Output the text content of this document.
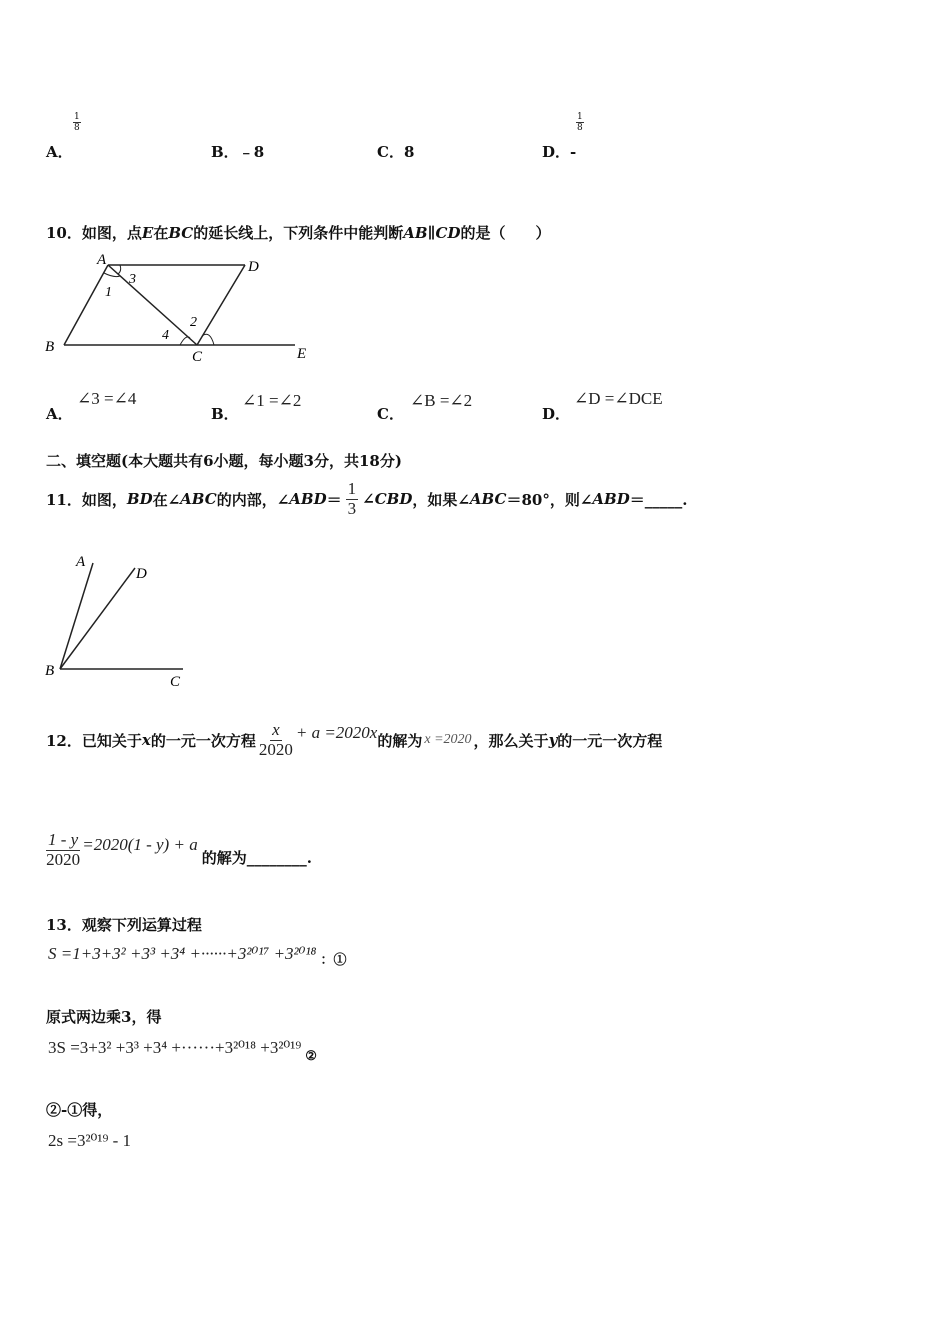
A．
1
8
B．﹣8	C．8	D．-
1
8
10．如图，点E在BC的延长线上，下列条件中能判断AB∥CD的是（　　）
A	D
B
C	E
1
2
3
4
A．
∠3 =∠4
B．
∠1 =∠2
C．
∠B =∠2
D．
∠D =∠DCE
二、填空题(本大题共有6小题，每小题3分，共18分)
11． 如图， BD 在∠ ABC 的内部，∠ ABD ＝ $\frac{1}{3}$ ∠ CBD ，如果∠ ABC ＝80°，则∠ ABD ＝_____.
A
D
B
C
12． 已知关于 x 的一元一次方程 $\frac{x}{2020} + a =2020x$ 的解为 x =2020 ，那么关于 y 的一元一次方程
$\frac{1 - y}{2020} =2020(1 - y) + a$
的解为________.
13．观察下列运算过程
S =1+3+3² +3³ +3⁴ +······+3²⁰¹⁷ +3²⁰¹⁸ ：①
原式两边乘3，得
3S =3+3² +3³ +3⁴ +······+3²⁰¹⁸ +3²⁰¹⁹ ②
②-①得，
2s =3²⁰¹⁹ - 1
